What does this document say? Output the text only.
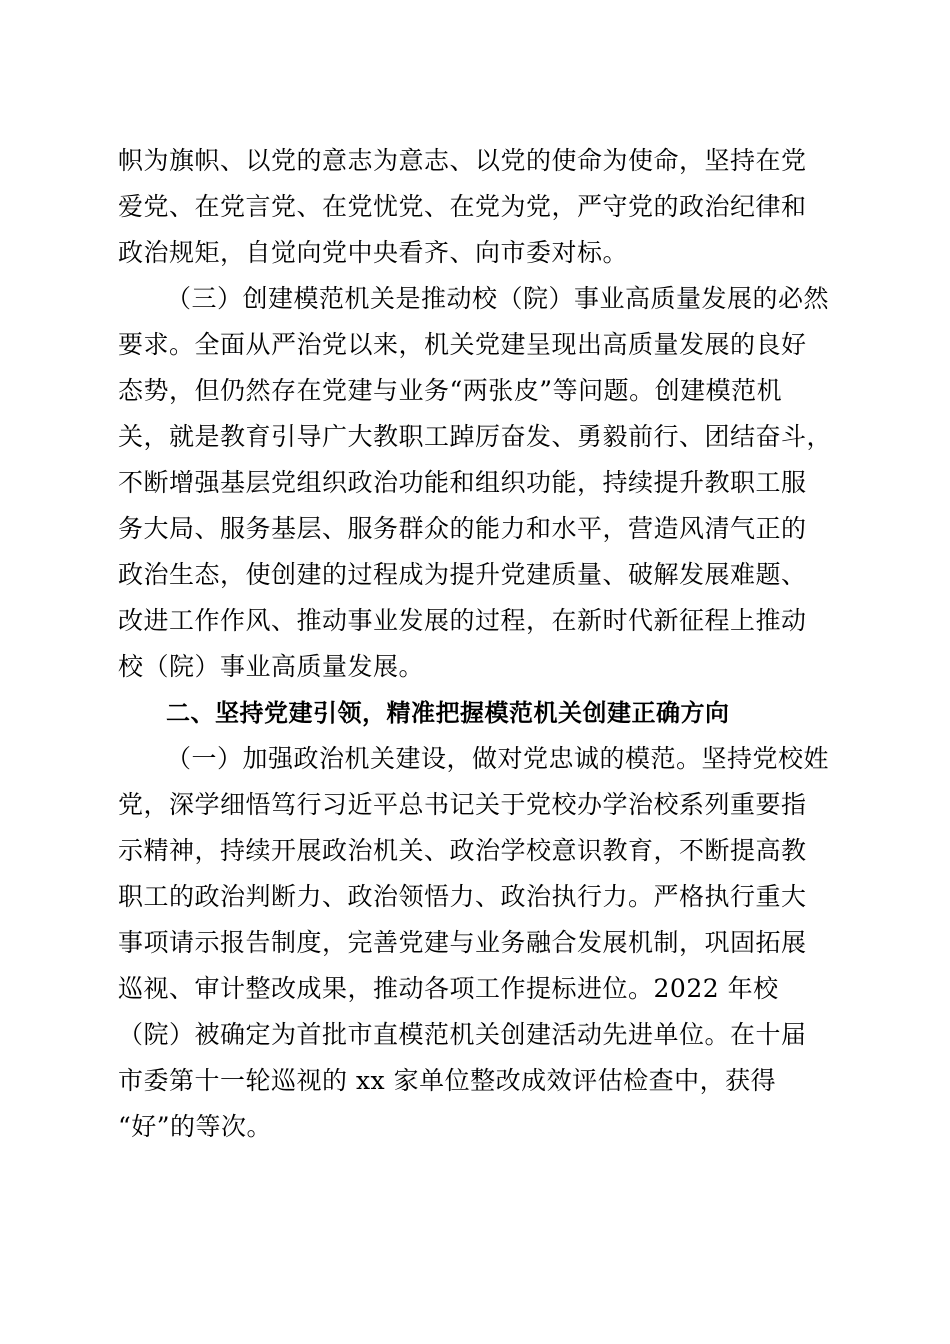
帜为旗帜、以党的意志为意志、以党的使命为使命，坚持在党
爱党、在党言党、在党忧党、在党为党，严守党的政治纪律和
政治规矩，自觉向党中央看齐、向市委对标。
（三）创建模范机关是推动校（院）事业高质量发展的必然
要求。全面从严治党以来，机关党建呈现出高质量发展的良好
态势，但仍然存在党建与业务“两张皮”等问题。创建模范机
关，就是教育引导广大教职工踔厉奋发、勇毅前行、团结奋斗，
不断增强基层党组织政治功能和组织功能，持续提升教职工服
务大局、服务基层、服务群众的能力和水平，营造风清气正的
政治生态，使创建的过程成为提升党建质量、破解发展难题、
改进工作作风、推动事业发展的过程，在新时代新征程上推动
校（院）事业高质量发展。
二、坚持党建引领，精准把握模范机关创建正确方向
（一）加强政治机关建设，做对党忠诚的模范。坚持党校姓
党，深学细悟笃行习近平总书记关于党校办学治校系列重要指
示精神，持续开展政治机关、政治学校意识教育，不断提高教
职工的政治判断力、政治领悟力、政治执行力。严格执行重大
事项请示报告制度，完善党建与业务融合发展机制，巩固拓展
巡视、审计整改成果，推动各项工作提标进位。2022 年校
（院）被确定为首批市直模范机关创建活动先进单位。在十届
市委第十一轮巡视的 xx 家单位整改成效评估检查中，获得
“好”的等次。
